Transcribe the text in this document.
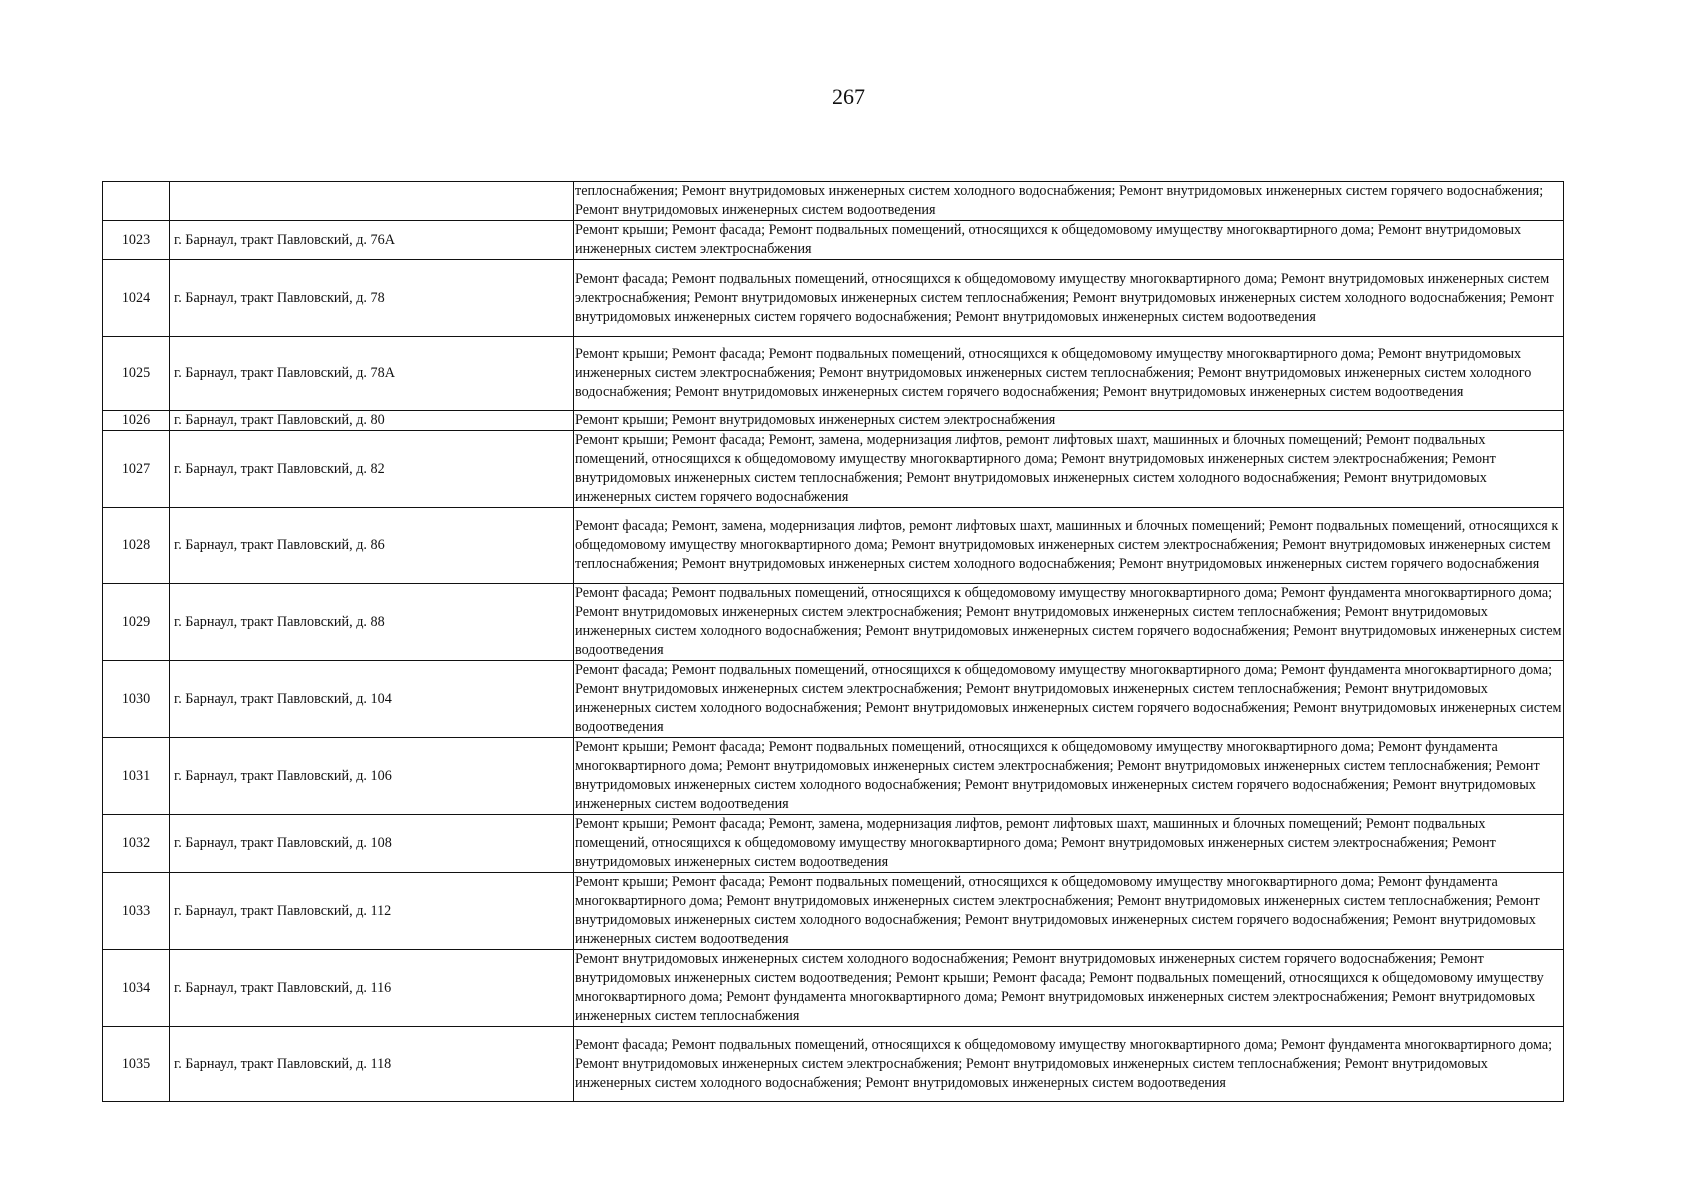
267

		теплоснабжения; Ремонт внутридомовых инженерных систем холодного водоснабжения; Ремонт внутридомовых инженерных систем горячего водоснабжения; Ремонт внутридомовых инженерных систем водоотведения

1023	г. Барнаул, тракт Павловский, д. 76А	Ремонт крыши; Ремонт фасада; Ремонт подвальных помещений, относящихся к общедомовому имуществу многоквартирного дома; Ремонт внутридомовых инженерных систем электроснабжения

1024	г. Барнаул, тракт Павловский, д. 78	Ремонт фасада; Ремонт подвальных помещений, относящихся к общедомовому имуществу многоквартирного дома; Ремонт внутридомовых инженерных систем электроснабжения; Ремонт внутридомовых инженерных систем теплоснабжения; Ремонт внутридомовых инженерных систем холодного водоснабжения; Ремонт внутридомовых инженерных систем горячего водоснабжения; Ремонт внутридомовых инженерных систем водоотведения

1025	г. Барнаул, тракт Павловский, д. 78А	Ремонт крыши; Ремонт фасада; Ремонт подвальных помещений, относящихся к общедомовому имуществу многоквартирного дома; Ремонт внутридомовых инженерных систем электроснабжения; Ремонт внутридомовых инженерных систем теплоснабжения; Ремонт внутридомовых инженерных систем холодного водоснабжения; Ремонт внутридомовых инженерных систем горячего водоснабжения; Ремонт внутридомовых инженерных систем водоотведения

1026	г. Барнаул, тракт Павловский, д. 80	Ремонт крыши; Ремонт внутридомовых инженерных систем электроснабжения

1027	г. Барнаул, тракт Павловский, д. 82	Ремонт крыши; Ремонт фасада; Ремонт, замена, модернизация лифтов, ремонт лифтовых шахт, машинных и блочных помещений; Ремонт подвальных помещений, относящихся к общедомовому имуществу многоквартирного дома; Ремонт внутридомовых инженерных систем электроснабжения; Ремонт внутридомовых инженерных систем теплоснабжения; Ремонт внутридомовых инженерных систем холодного водоснабжения; Ремонт внутридомовых инженерных систем горячего водоснабжения

1028	г. Барнаул, тракт Павловский, д. 86	Ремонт фасада; Ремонт, замена, модернизация лифтов, ремонт лифтовых шахт, машинных и блочных помещений; Ремонт подвальных помещений, относящихся к общедомовому имуществу многоквартирного дома; Ремонт внутридомовых инженерных систем электроснабжения; Ремонт внутридомовых инженерных систем теплоснабжения; Ремонт внутридомовых инженерных систем холодного водоснабжения; Ремонт внутридомовых инженерных систем горячего водоснабжения

1029	г. Барнаул, тракт Павловский, д. 88	Ремонт фасада; Ремонт подвальных помещений, относящихся к общедомовому имуществу многоквартирного дома; Ремонт фундамента многоквартирного дома; Ремонт внутридомовых инженерных систем электроснабжения; Ремонт внутридомовых инженерных систем теплоснабжения; Ремонт внутридомовых инженерных систем холодного водоснабжения; Ремонт внутридомовых инженерных систем горячего водоснабжения; Ремонт внутридомовых инженерных систем водоотведения

1030	г. Барнаул, тракт Павловский, д. 104	Ремонт фасада; Ремонт подвальных помещений, относящихся к общедомовому имуществу многоквартирного дома; Ремонт фундамента многоквартирного дома; Ремонт внутридомовых инженерных систем электроснабжения; Ремонт внутридомовых инженерных систем теплоснабжения; Ремонт внутридомовых инженерных систем холодного водоснабжения; Ремонт внутридомовых инженерных систем горячего водоснабжения; Ремонт внутридомовых инженерных систем водоотведения

1031	г. Барнаул, тракт Павловский, д. 106	Ремонт крыши; Ремонт фасада; Ремонт подвальных помещений, относящихся к общедомовому имуществу многоквартирного дома; Ремонт фундамента многоквартирного дома; Ремонт внутридомовых инженерных систем электроснабжения; Ремонт внутридомовых инженерных систем теплоснабжения; Ремонт внутридомовых инженерных систем холодного водоснабжения; Ремонт внутридомовых инженерных систем горячего водоснабжения; Ремонт внутридомовых инженерных систем водоотведения

1032	г. Барнаул, тракт Павловский, д. 108	Ремонт крыши; Ремонт фасада; Ремонт, замена, модернизация лифтов, ремонт лифтовых шахт, машинных и блочных помещений; Ремонт подвальных помещений, относящихся к общедомовому имуществу многоквартирного дома; Ремонт внутридомовых инженерных систем электроснабжения; Ремонт внутридомовых инженерных систем водоотведения

1033	г. Барнаул, тракт Павловский, д. 112	Ремонт крыши; Ремонт фасада; Ремонт подвальных помещений, относящихся к общедомовому имуществу многоквартирного дома; Ремонт фундамента многоквартирного дома; Ремонт внутридомовых инженерных систем электроснабжения; Ремонт внутридомовых инженерных систем теплоснабжения; Ремонт внутридомовых инженерных систем холодного водоснабжения; Ремонт внутридомовых инженерных систем горячего водоснабжения; Ремонт внутридомовых инженерных систем водоотведения

1034	г. Барнаул, тракт Павловский, д. 116	Ремонт внутридомовых инженерных систем холодного водоснабжения; Ремонт внутридомовых инженерных систем горячего водоснабжения; Ремонт внутридомовых инженерных систем водоотведения; Ремонт крыши; Ремонт фасада; Ремонт подвальных помещений, относящихся к общедомовому имуществу многоквартирного дома; Ремонт фундамента многоквартирного дома; Ремонт внутридомовых инженерных систем электроснабжения; Ремонт внутридомовых инженерных систем теплоснабжения

1035	г. Барнаул, тракт Павловский, д. 118	Ремонт фасада; Ремонт подвальных помещений, относящихся к общедомовому имуществу многоквартирного дома; Ремонт фундамента многоквартирного дома; Ремонт внутридомовых инженерных систем электроснабжения; Ремонт внутридомовых инженерных систем теплоснабжения; Ремонт внутридомовых инженерных систем холодного водоснабжения; Ремонт внутридомовых инженерных систем водоотведения
